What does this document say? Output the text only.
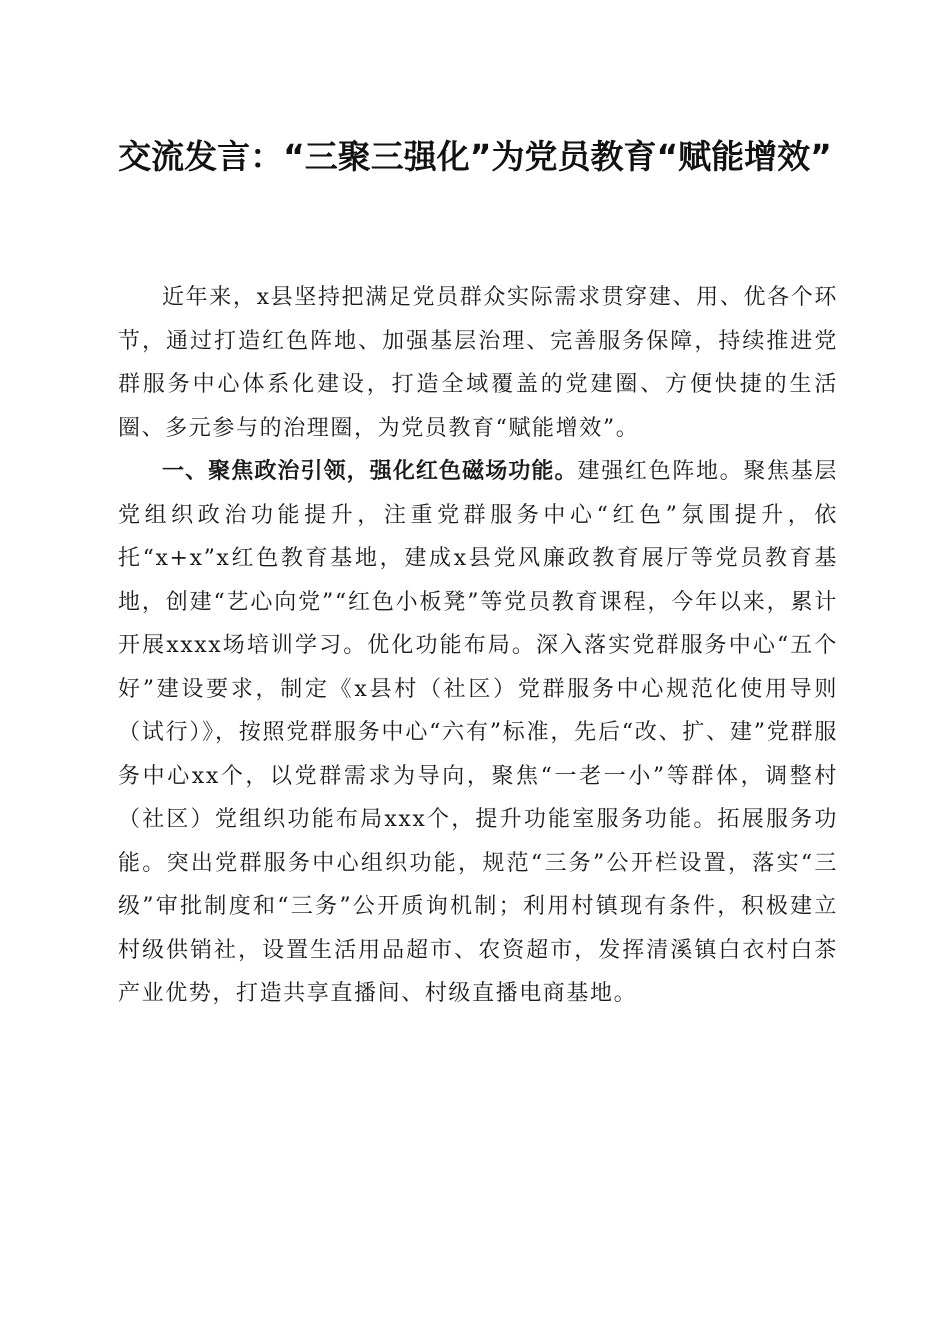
交流发言：“三聚三强化”为党员教育“赋能增效”

近年来，x县坚持把满足党员群众实际需求贯穿建、用、优各个环节，通过打造红色阵地、加强基层治理、完善服务保障，持续推进党群服务中心体系化建设，打造全域覆盖的党建圈、方便快捷的生活圈、多元参与的治理圈，为党员教育“赋能增效”。

一、聚焦政治引领，强化红色磁场功能。建强红色阵地。聚焦基层党组织政治功能提升，注重党群服务中心“红色”氛围提升，依托“x+x”x红色教育基地，建成x县党风廉政教育展厅等党员教育基地，创建“艺心向党”“红色小板凳”等党员教育课程，今年以来，累计开展xxxx场培训学习。优化功能布局。深入落实党群服务中心“五个好”建设要求，制定《x县村（社区）党群服务中心规范化使用导则（试行）》，按照党群服务中心“六有”标准，先后“改、扩、建”党群服务中心xx个，以党群需求为导向，聚焦“一老一小”等群体，调整村（社区）党组织功能布局xxx个，提升功能室服务功能。拓展服务功能。突出党群服务中心组织功能，规范“三务”公开栏设置，落实“三级”审批制度和“三务”公开质询机制；利用村镇现有条件，积极建立村级供销社，设置生活用品超市、农资超市，发挥清溪镇白衣村白茶产业优势，打造共享直播间、村级直播电商基地。
